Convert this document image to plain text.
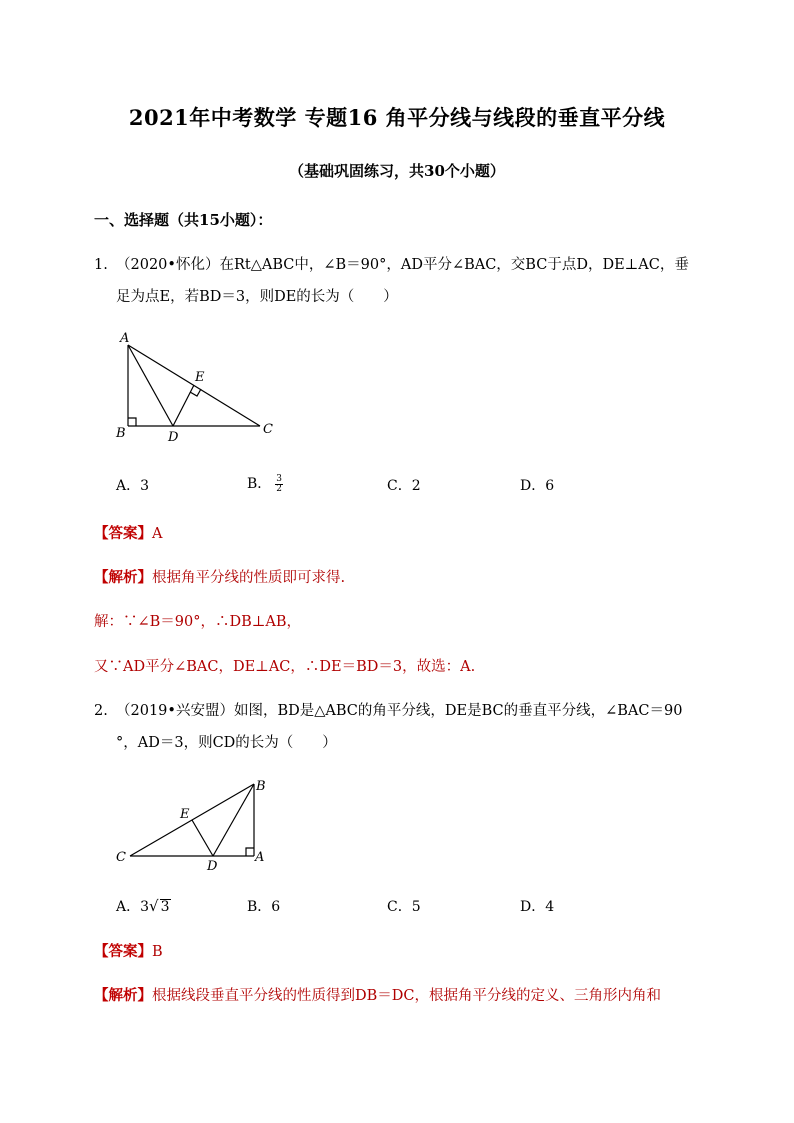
2021年中考数学 专题16 角平分线与线段的垂直平分线
（基础巩固练习，共30个小题）
一、选择题（共15小题）：
1. （2020•怀化）在Rt△ABC中，∠B＝90°，AD平分∠BAC，交BC于点D，DE⊥AC，垂
足为点E，若BD＝3，则DE的长为（　　）
A
B	C
D
E
A．3	B． $\frac{3}{2}$	C．2	D．6
【答案】A
【解析】根据角平分线的性质即可求得.
解：∵∠B＝90°，∴DB⊥AB，
又∵AD平分∠BAC，DE⊥AC，∴DE＝BD＝3，故选：A.
2. （2019•兴安盟）如图，BD是△ABC的角平分线，DE是BC的垂直平分线，∠BAC＝90
°，AD＝3，则CD的长为（　　）
B
E
C
D
A
A．3√ 3	B．6	C．5	D．4
【答案】B
【解析】根据线段垂直平分线的性质得到DB＝DC，根据角平分线的定义、三角形内角和
